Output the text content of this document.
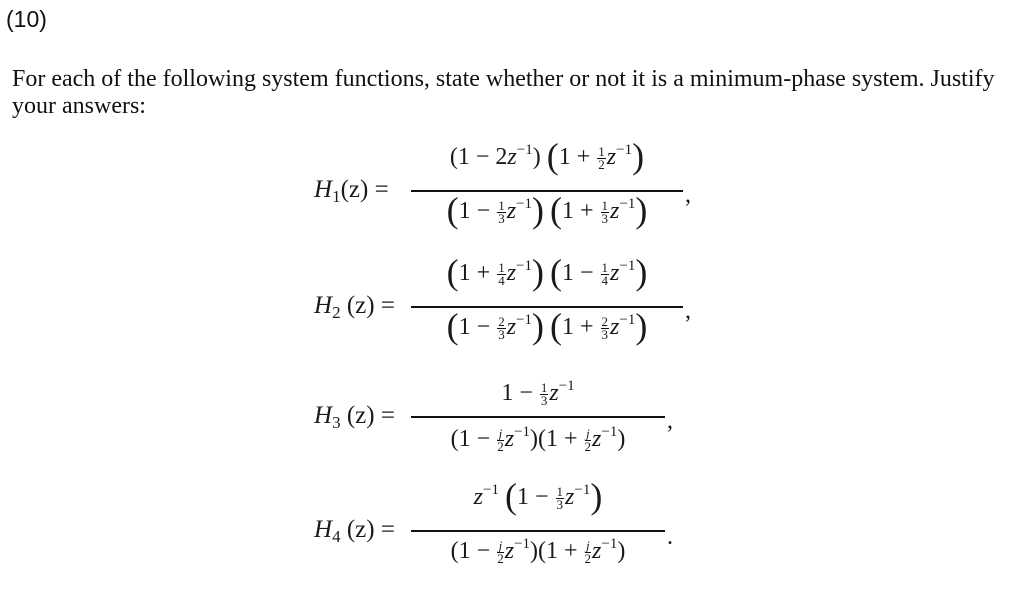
(10)
For each of the following system functions, state whether or not it is a minimum-phase system. Justify your answers:
$H_1(z)$ =
$(1 - 2z^{-1})$ $(1 + \frac{1}{2} z^{-1})$
$(1 - \frac{1}{3} z^{-1})$ $(1 + \frac{1}{3} z^{-1})$	,
$H_2$ (z) =
$(1 + \frac{1}{4} z^{-1})$ $(1 - \frac{1}{4} z^{-1})$
$(1 - \frac{2}{3} z^{-1})$ $(1 + \frac{2}{3} z^{-1})$	,
$H_3$ (z) =
$1 - \frac{1}{3} z^{-1}$
$(1 - \frac{j}{2} z^{-1})(1 + \frac{j}{2} z^{-1})$
,
$H_4$ (z) =
$z^{-1}$ $(1 - \frac{1}{3} z^{-1})$
$(1 - \frac{j}{2} z^{-1})(1 + \frac{j}{2} z^{-1})$
.
